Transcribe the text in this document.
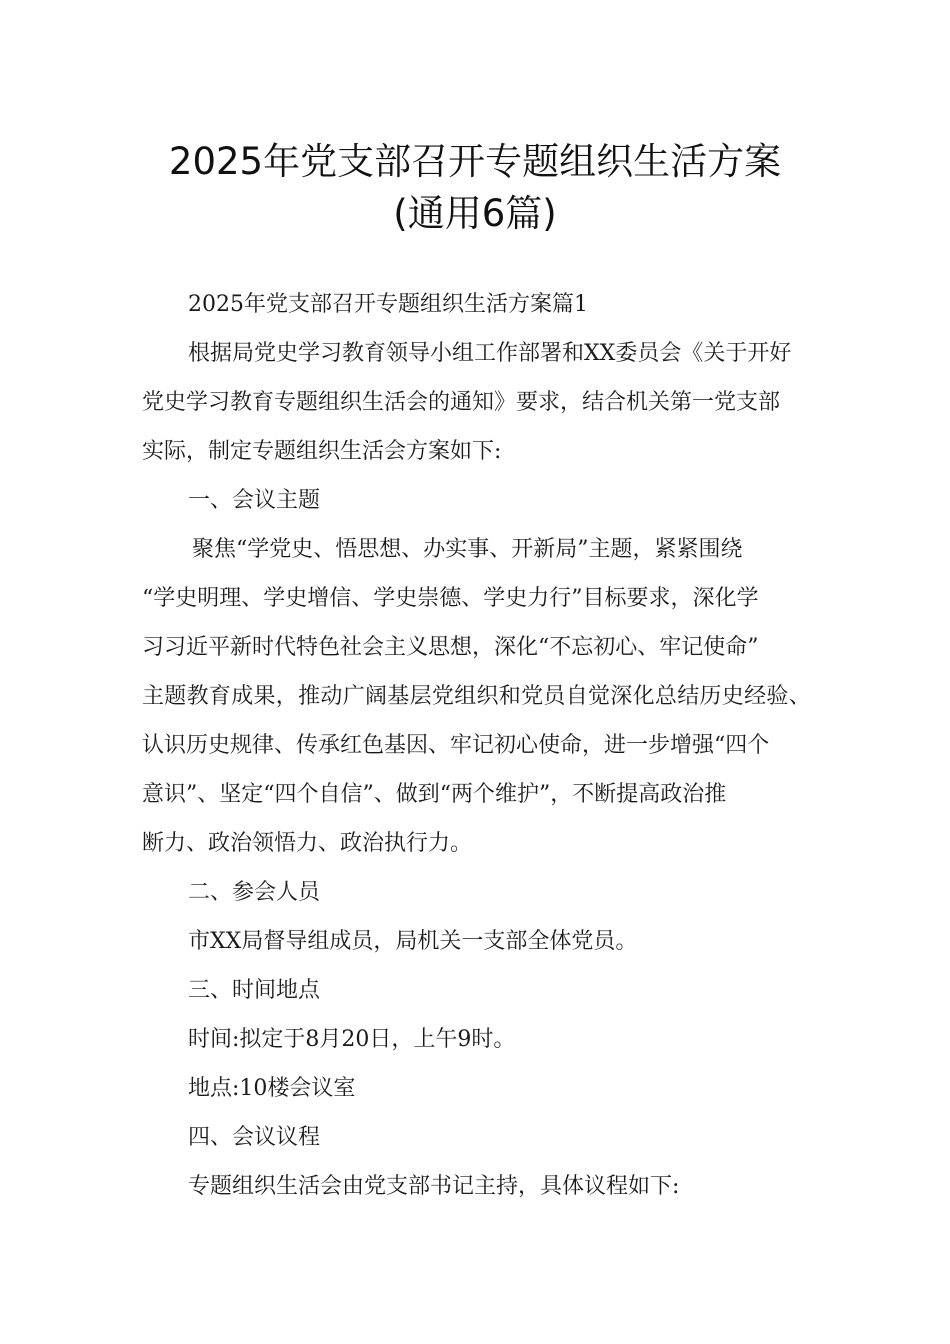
2025年党支部召开专题组织生活方案
(通用6篇)
2025年党支部召开专题组织生活方案篇1
根据局党史学习教育领导小组工作部署和XX委员会《关于开好
党史学习教育专题组织生活会的通知》要求，结合机关第一党支部
实际，制定专题组织生活会方案如下:
一、会议主题
聚焦“学党史、悟思想、办实事、开新局”主题，紧紧围绕
“学史明理、学史增信、学史崇德、学史力行”目标要求，深化学
习习近平新时代特色社会主义思想，深化“不忘初心、牢记使命”
主题教育成果，推动广阔基层党组织和党员自觉深化总结历史经验、
认识历史规律、传承红色基因、牢记初心使命，进一步增强“四个
意识”、坚定“四个自信”、做到“两个维护”，不断提高政治推
断力、政治领悟力、政治执行力。
二、参会人员
市XX局督导组成员，局机关一支部全体党员。
三、时间地点
时间:拟定于8月20日，上午9时。
地点:10楼会议室
四、会议议程
专题组织生活会由党支部书记主持，具体议程如下:
